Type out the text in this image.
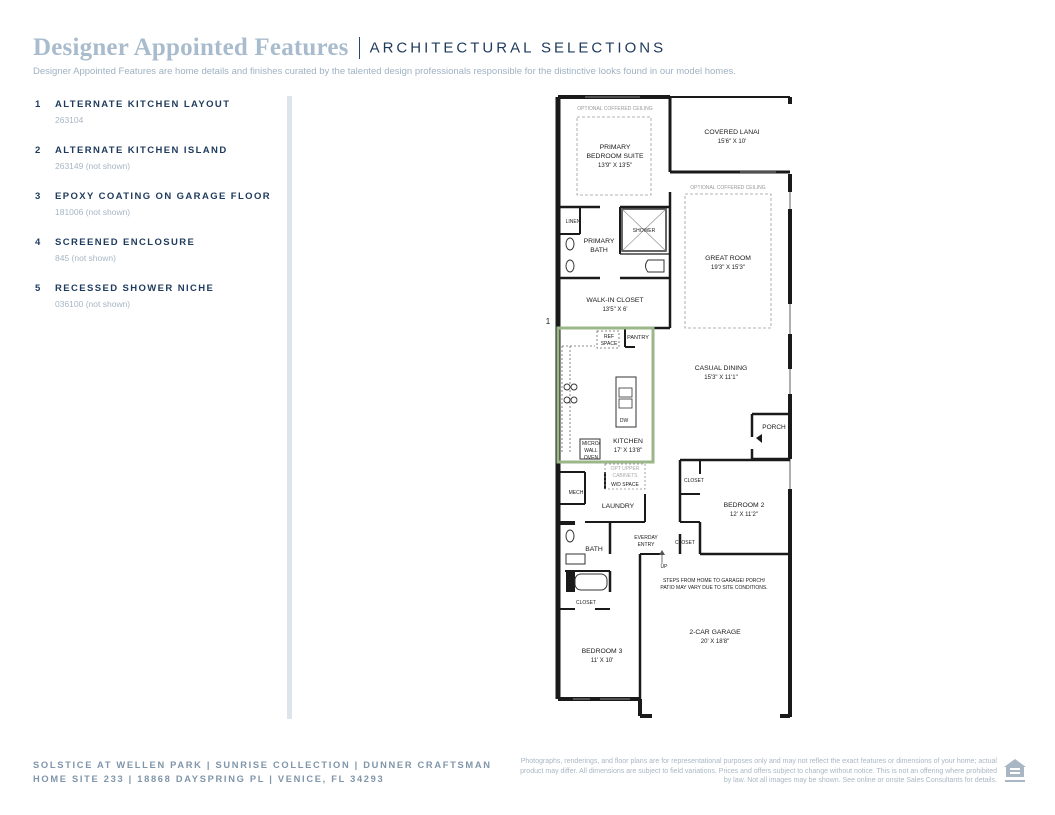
Designer Appointed Features ARCHITECTURAL SELECTIONS
Designer Appointed Features are home details and finishes curated by the talented design professionals responsible for the distinctive looks found in our model homes.
1 ALTERNATE KITCHEN LAYOUT
263104
2 ALTERNATE KITCHEN ISLAND
263149 (not shown)
3 EPOXY COATING ON GARAGE FLOOR
181006 (not shown)
4 SCREENED ENCLOSURE
845 (not shown)
5 RECESSED SHOWER NICHE
036100 (not shown)
1
OPTIONAL COFFERED CEILING
OPTIONAL COFFERED CEILING
PRIMARY
BEDROOM SUITE
13'9" X 13'5"
COVERED LANAI
15'6" X 10'
GREAT ROOM
19'3" X 15'3"
PRIMARY
BATH
LINEN
SHOWER
WALK-IN CLOSET
13'5" X 6'
REF
SPACE
PANTRY
CASUAL DINING
15'3" X 11'1"
DW
PORCH
MICRO/
WALL
OVEN
KITCHEN
17' X 13'8"
OPT UPPER
CABINETS
W/D SPACE
MECH
LAUNDRY
CLOSET
BEDROOM 2
12' X 11'2"
EVERDAY
ENTRY	CLOSET
BATH
UP
CLOSET
STEPS FROM HOME TO GARAGE/ PORCH/
PATIO MAY VARY DUE TO SITE CONDITIONS.
2-CAR GARAGE
20' X 18'8"
BEDROOM 3
11' X 10'
SOLSTICE AT WELLEN PARK | SUNRISE COLLECTION | DUNNER CRAFTSMAN
HOME SITE 233 | 18868 DAYSPRING PL | VENICE, FL 34293
Photographs, renderings, and floor plans are for representational purposes only and may not reflect the exact features or dimensions of your home; actual product may differ. All dimensions are subject to field variations. Prices and offers subject to change without notice. This is not an offering where prohibited by law. Not all images may be shown. See online or onsite Sales Consultants for details.
